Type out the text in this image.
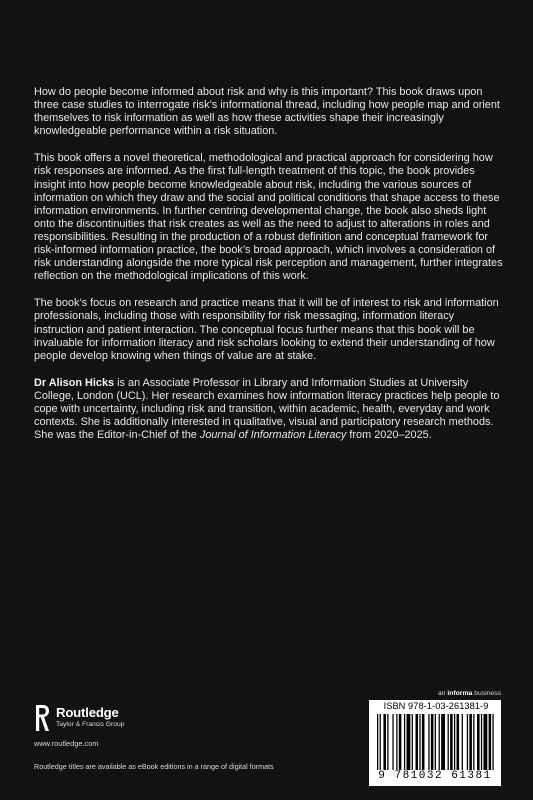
How do people become informed about risk and why is this important? This book draws upon three case studies to interrogate risk’s informational thread, including how people map and orient themselves to risk information as well as how these activities shape their increasingly knowledgeable performance within a risk situation.

This book offers a novel theoretical, methodological and practical approach for considering how risk responses are informed. As the first full-length treatment of this topic, the book provides insight into how people become knowledgeable about risk, including the various sources of information on which they draw and the social and political conditions that shape access to these information environments. In further centring developmental change, the book also sheds light onto the discontinuities that risk creates as well as the need to adjust to alterations in roles and responsibilities. Resulting in the production of a robust definition and conceptual framework for risk-informed information practice, the book’s broad approach, which involves a consideration of risk understanding alongside the more typical risk perception and management, further integrates reflection on the methodological implications of this work.

The book’s focus on research and practice means that it will be of interest to risk and information professionals, including those with responsibility for risk messaging, information literacy instruction and patient interaction. The conceptual focus further means that this book will be invaluable for information literacy and risk scholars looking to extend their understanding of how people develop knowing when things of value are at stake.

Dr Alison Hicks is an Associate Professor in Library and Information Studies at University College, London (UCL). Her research examines how information literacy practices help people to cope with uncertainty, including risk and transition, within academic, health, everyday and work contexts. She is additionally interested in qualitative, visual and participatory research methods. She was the Editor-in-Chief of the Journal of Information Literacy from 2020–2025.

an informa business
Routledge
Taylor & Francis Group
www.routledge.com
Routledge titles are available as eBook editions in a range of digital formats
ISBN 978-1-03-261381-9
9 781032 61381
